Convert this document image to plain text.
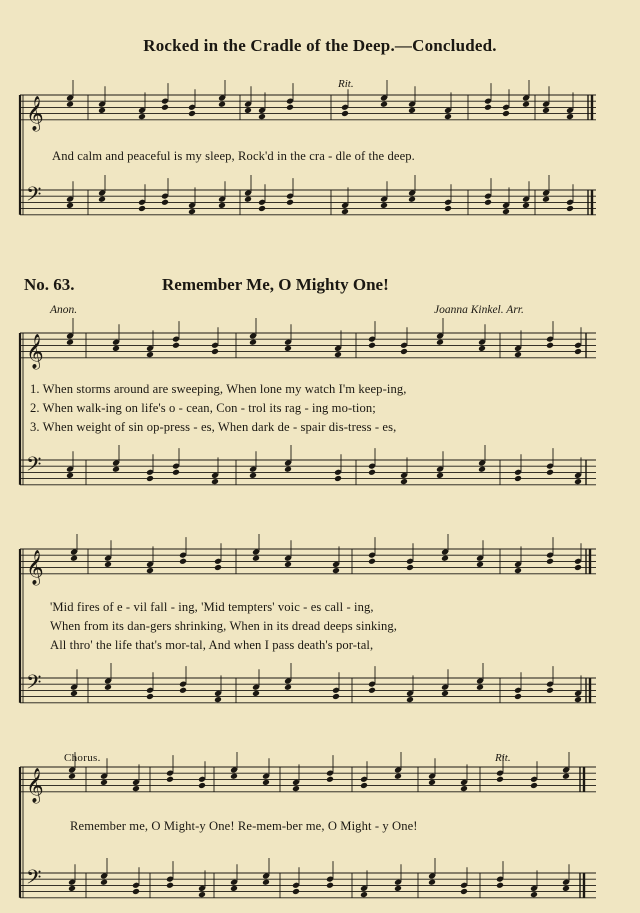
Rocked in the Cradle of the Deep.—Concluded.
𝄞
𝄢
𝄞
𝄢
𝄞
𝄢
𝄞
𝄢
Rit.
And calm and peaceful is my sleep, Rock'd in the cra - dle of the deep.
No. 63.	Remember Me, O Mighty One!
Anon.	Joanna Kinkel. Arr.
1. When storms around are sweeping, When lone my watch I'm keep-ing,
2. When walk-ing on life's o - cean, Con - trol its rag - ing mo-tion;
3. When weight of sin op-press - es, When dark de - spair dis-tress - es,
'Mid fires of e - vil fall - ing, 'Mid tempters' voic - es call - ing,
When from its dan-gers shrinking, When in its dread deeps sinking,
All thro' the life that's mor-tal, And when I pass death's por-tal,
Chorus.	Rit.
Remember me, O Might-y One! Re-mem-ber me, O Might - y One!
